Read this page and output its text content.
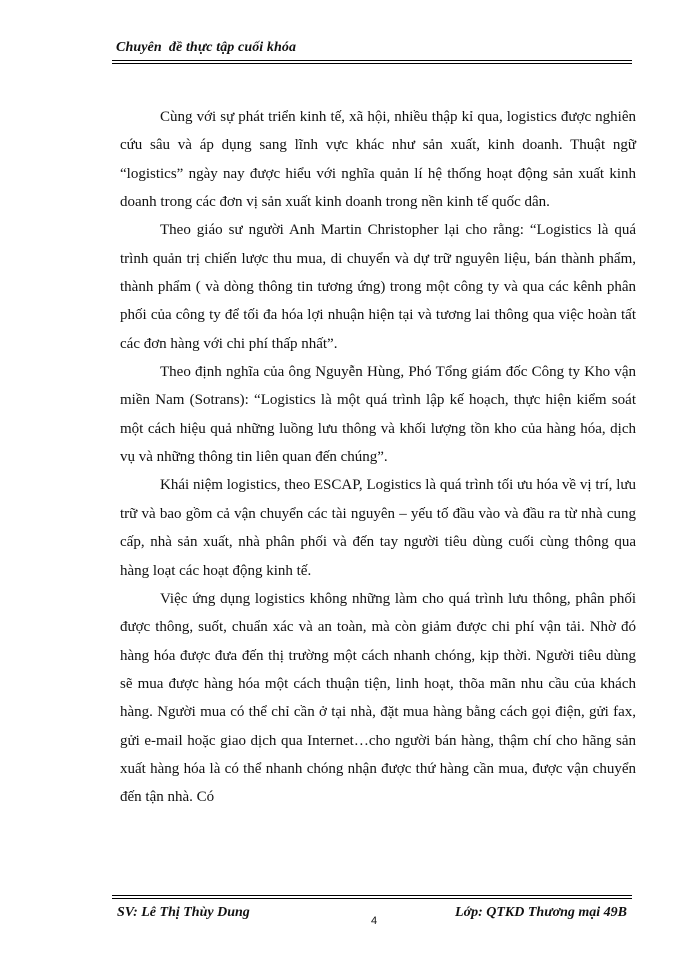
Chuyên  đề thực tập cuối khóa

Cùng với sự phát triển kinh tế, xã hội, nhiều thập kỉ qua, logistics được nghiên cứu sâu và áp dụng sang lĩnh vực khác như sản xuất, kinh doanh. Thuật ngữ “logistics” ngày nay được hiểu với nghĩa quản lí hệ thống hoạt động sản xuất kinh doanh trong các đơn vị sản xuất kinh doanh trong nền kinh tế quốc dân.

Theo giáo sư người Anh Martin Christopher lại cho rằng: “Logistics là quá trình quản trị chiến lược thu mua, di chuyển và dự trữ nguyên liệu, bán thành phẩm, thành phẩm ( và dòng thông tin tương ứng) trong một công ty và qua các kênh phân phối của công ty để tối đa hóa lợi nhuận hiện tại và tương lai thông qua việc hoàn tất các đơn hàng với chi phí thấp nhất”.

Theo định nghĩa của ông Nguyễn Hùng, Phó Tổng giám đốc Công ty Kho vận miền Nam (Sotrans): “Logistics là một quá trình lập kế hoạch, thực hiện kiểm soát một cách hiệu quả những luồng lưu thông và khối lượng tồn kho của hàng hóa, dịch vụ và những thông tin liên quan đến chúng”.

Khái niệm logistics, theo ESCAP, Logistics là quá trình tối ưu hóa về vị trí, lưu trữ và bao gồm cả vận chuyển các tài nguyên – yếu tố đầu vào và đầu ra từ nhà cung cấp, nhà sản xuất, nhà phân phối và đến tay người tiêu dùng cuối cùng thông qua hàng loạt các hoạt động kinh tế.

Việc ứng dụng logistics không những làm cho quá trình lưu thông, phân phối được thông, suốt, chuẩn xác và an toàn, mà còn giảm được chi phí vận tải. Nhờ đó hàng hóa được đưa đến thị trường một cách nhanh chóng, kịp thời. Người tiêu dùng sẽ mua được hàng hóa một cách thuận tiện, linh hoạt, thõa mãn nhu cầu của khách hàng. Người mua có thể chỉ cần ở tại nhà, đặt mua hàng bằng cách gọi điện, gửi fax, gửi e-mail hoặc giao dịch qua Internet…cho người bán hàng, thậm chí cho hãng sản xuất hàng hóa là có thể nhanh chóng nhận được thứ hàng cần mua, được vận chuyển đến tận nhà. Có

SV: Lê Thị Thùy Dung
4
Lớp: QTKD Thương mại 49B
